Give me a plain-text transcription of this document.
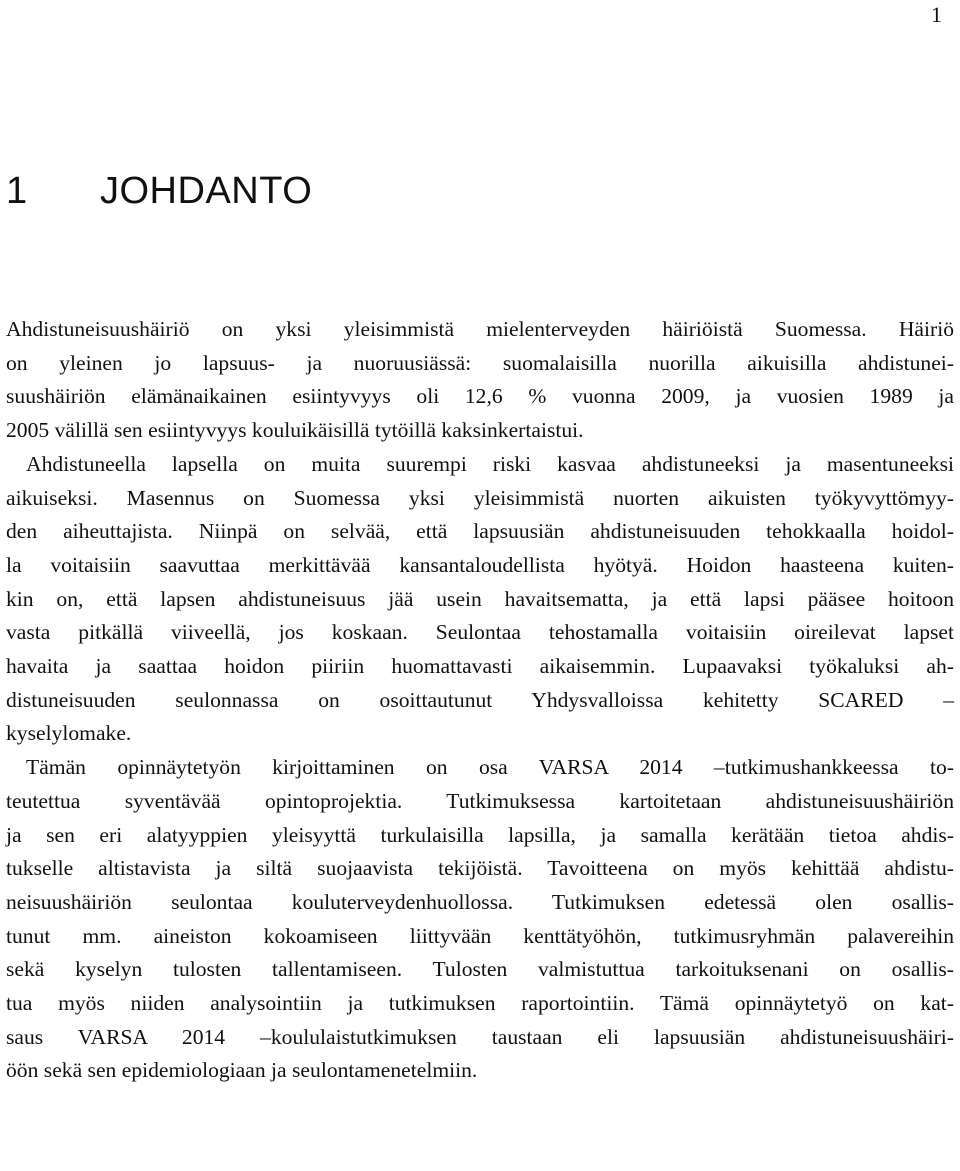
1
1 JOHDANTO

Ahdistuneisuushäiriö on yksi yleisimmistä mielenterveyden häiriöistä Suomessa. Häiriö
on yleinen jo lapsuus- ja nuoruusiässä: suomalaisilla nuorilla aikuisilla ahdistunei-
suushäiriön elämänaikainen esiintyvyys oli 12,6 % vuonna 2009, ja vuosien 1989 ja
2005 välillä sen esiintyvyys kouluikäisillä tytöillä kaksinkertaistui.

Ahdistuneella lapsella on muita suurempi riski kasvaa ahdistuneeksi ja masentuneeksi
aikuiseksi. Masennus on Suomessa yksi yleisimmistä nuorten aikuisten työkyvyttömyy-
den aiheuttajista. Niinpä on selvää, että lapsuusiän ahdistuneisuuden tehokkaalla hoidol-
la voitaisiin saavuttaa merkittävää kansantaloudellista hyötyä. Hoidon haasteena kuiten-
kin on, että lapsen ahdistuneisuus jää usein havaitsematta, ja että lapsi pääsee hoitoon
vasta pitkällä viiveellä, jos koskaan. Seulontaa tehostamalla voitaisiin oireilevat lapset
havaita ja saattaa hoidon piiriin huomattavasti aikaisemmin. Lupaavaksi työkaluksi ah-
distuneisuuden seulonnassa on osoittautunut Yhdysvalloissa kehitetty SCARED –
kyselylomake.

Tämän opinnäytetyön kirjoittaminen on osa VARSA 2014 –tutkimushankkeessa to-
teutettua syventävää opintoprojektia. Tutkimuksessa kartoitetaan ahdistuneisuushäiriön
ja sen eri alatyyppien yleisyyttä turkulaisilla lapsilla, ja samalla kerätään tietoa ahdis-
tukselle altistavista ja siltä suojaavista tekijöistä. Tavoitteena on myös kehittää ahdistu-
neisuushäiriön seulontaa kouluterveydenhuollossa. Tutkimuksen edetessä olen osallis-
tunut mm. aineiston kokoamiseen liittyvään kenttätyöhön, tutkimusryhmän palavereihin
sekä kyselyn tulosten tallentamiseen. Tulosten valmistuttua tarkoituksenani on osallis-
tua myös niiden analysointiin ja tutkimuksen raportointiin. Tämä opinnäytetyö on kat-
saus VARSA 2014 –koululaistutkimuksen taustaan eli lapsuusiän ahdistuneisuushäiri-
öön sekä sen epidemiologiaan ja seulontamenetelmiin.
